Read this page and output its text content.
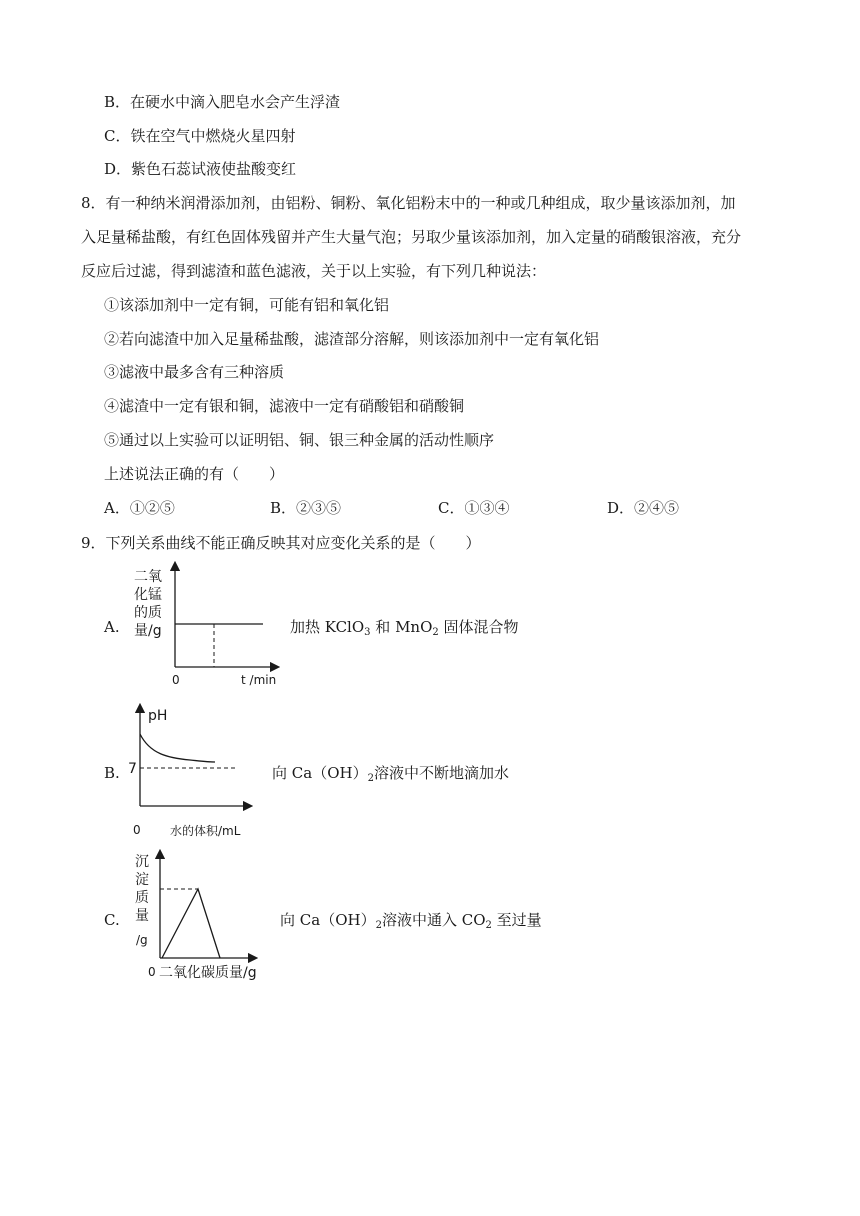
B．在硬水中滴入肥皂水会产生浮渣
C．铁在空气中燃烧火星四射
D．紫色石蕊试液使盐酸变红
8．有一种纳米润滑添加剂，由铝粉、铜粉、氧化铝粉末中的一种或几种组成，取少量该添加剂，加
入足量稀盐酸，有红色固体残留并产生大量气泡；另取少量该添加剂，加入定量的硝酸银溶液，充分
反应后过滤，得到滤渣和蓝色滤液，关于以上实验，有下列几种说法：
①该添加剂中一定有铜，可能有铝和氧化铝
②若向滤渣中加入足量稀盐酸，滤渣部分溶解，则该添加剂中一定有氧化铝
③滤液中最多含有三种溶质
④滤渣中一定有银和铜，滤液中一定有硝酸铝和硝酸铜
⑤通过以上实验可以证明铝、铜、银三种金属的活动性顺序
上述说法正确的有（　　）
A．①②⑤	B．②③⑤	C．①③④	D．②④⑤
9．下列关系曲线不能正确反映其对应变化关系的是（　　）
A.
二氧
化锰
的质
量/g
0	t /min
加热 KClO$_3$ 和 MnO$_2$ 固体混合物
B.
pH
7
0 水的体积/mL
向 $Ca(OH)_2$溶液中不断地滴加水
C.
沉
淀
质
量
/g
0 二氧化碳质量/g
向 $Ca(OH)_2$溶液中通入 $CO_2$ 至过量
